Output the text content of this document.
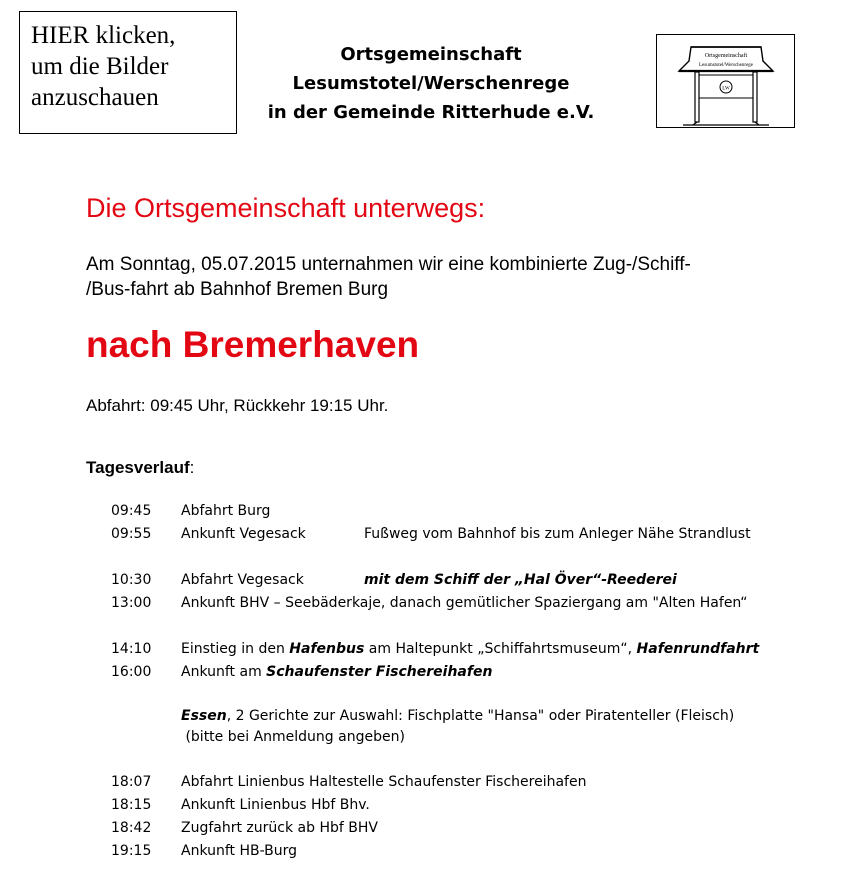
HIER klicken,
um die Bilder
anzuschauen
Ortsgemeinschaft
Lesumstotel/Werschenrege
in der Gemeinde Ritterhude e.V.
Ortsgemeinschaft
Lesumstotel/Werschenrege
LW
Die Ortsgemeinschaft unterwegs:
Am Sonntag, 05.07.2015 unternahmen wir eine kombinierte Zug-/Schiff-
/Bus-fahrt ab Bahnhof Bremen Burg
nach Bremerhaven
Abfahrt: 09:45 Uhr, Rückkehr 19:15 Uhr.
Tagesverlauf:
09:45 Abfahrt Burg
09:55 Ankunft Vegesack	Fußweg vom Bahnhof bis zum Anleger Nähe Strandlust
10:30 Abfahrt Vegesack	mit dem Schiff der „Hal Över“-Reederei
13:00 Ankunft BHV – Seebäderkaje, danach gemütlicher Spaziergang am "Alten Hafen“
14:10 Einstieg in den Hafenbus am Haltepunkt „Schiffahrtsmuseum“, Hafenrundfahrt
16:00 Ankunft am Schaufenster Fischereihafen
Essen, 2 Gerichte zur Auswahl: Fischplatte "Hansa" oder Piratenteller (Fleisch)
(bitte bei Anmeldung angeben)
18:07 Abfahrt Linienbus Haltestelle Schaufenster Fischereihafen
18:15 Ankunft Linienbus Hbf Bhv.
18:42 Zugfahrt zurück ab Hbf BHV
19:15 Ankunft HB-Burg
